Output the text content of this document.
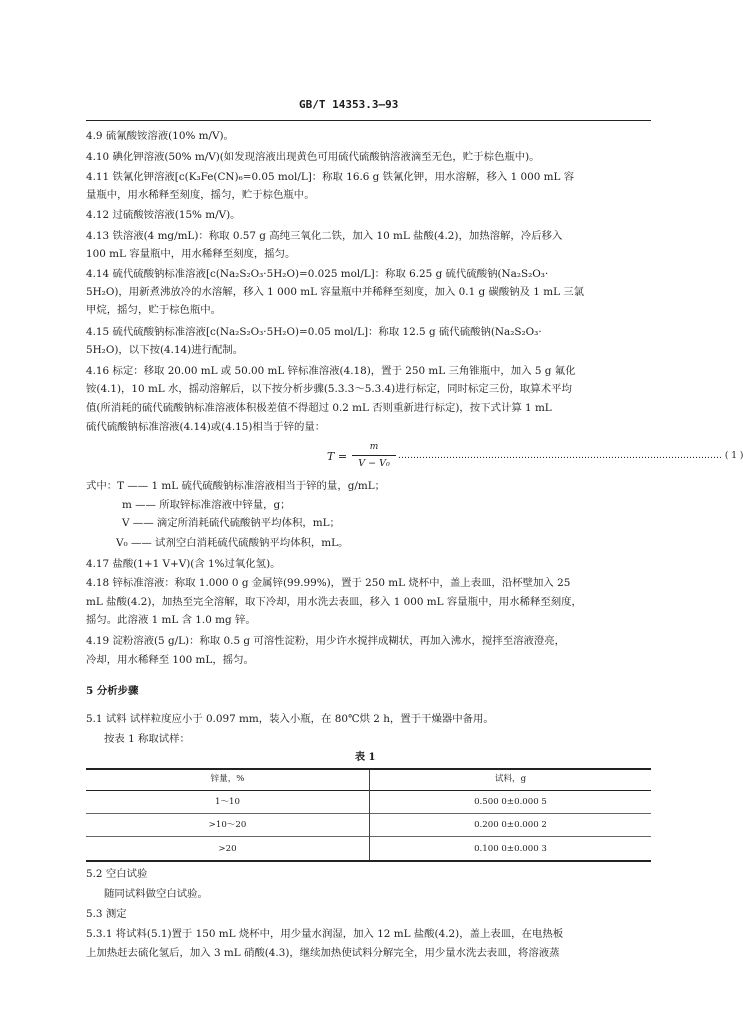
GB/T 14353.3—93
4.9 硫氰酸铵溶液(10% m/V)。
4.10 碘化钾溶液(50% m/V)(如发现溶液出现黄色可用硫代硫酸钠溶液滴至无色，贮于棕色瓶中)。
4.11 铁氰化钾溶液[c(K₃Fe(CN)₆=0.05 mol/L]：称取 16.6 g 铁氰化钾，用水溶解，移入 1 000 mL 容
量瓶中，用水稀释至刻度，摇匀，贮于棕色瓶中。
4.12 过硫酸铵溶液(15% m/V)。
4.13 铁溶液(4 mg/mL)：称取 0.57 g 高纯三氧化二铁，加入 10 mL 盐酸(4.2)，加热溶解，冷后移入
100 mL 容量瓶中，用水稀释至刻度，摇匀。
4.14 硫代硫酸钠标准溶液[c(Na₂S₂O₃·5H₂O)=0.025 mol/L]：称取 6.25 g 硫代硫酸钠(Na₂S₂O₃·
5H₂O)，用新煮沸放冷的水溶解，移入 1 000 mL 容量瓶中并稀释至刻度，加入 0.1 g 碳酸钠及 1 mL 三氯
甲烷，摇匀，贮于棕色瓶中。
4.15 硫代硫酸钠标准溶液[c(Na₂S₂O₃·5H₂O)=0.05 mol/L]：称取 12.5 g 硫代硫酸钠(Na₂S₂O₃·
5H₂O)，以下按(4.14)进行配制。
4.16 标定：移取 20.00 mL 或 50.00 mL 锌标准溶液(4.18)，置于 250 mL 三角锥瓶中，加入 5 g 氟化
铵(4.1)，10 mL 水，摇动溶解后，以下按分析步骤(5.3.3～5.3.4)进行标定，同时标定三份，取算术平均
值(所消耗的硫代硫酸钠标准溶液体积极差值不得超过 0.2 mL 否则重新进行标定)，按下式计算 1 mL
硫代硫酸钠标准溶液(4.14)或(4.15)相当于锌的量：
T =
m
V − V₀
……………………………………………………………………………………………… ( 1 )
式中：T —— 1 mL 硫代硫酸钠标准溶液相当于锌的量，g/mL；
m —— 所取锌标准溶液中锌量，g；
V —— 滴定所消耗硫代硫酸钠平均体积，mL；
V₀ —— 试剂空白消耗硫代硫酸钠平均体积，mL。
4.17 盐酸(1+1 V+V)(含 1%过氧化氢)。
4.18 锌标准溶液：称取 1.000 0 g 金属锌(99.99%)，置于 250 mL 烧杯中，盖上表皿，沿杯壁加入 25
mL 盐酸(4.2)，加热至完全溶解，取下冷却，用水洗去表皿，移入 1 000 mL 容量瓶中，用水稀释至刻度，
摇匀。此溶液 1 mL 含 1.0 mg 锌。
4.19 淀粉溶液(5 g/L)：称取 0.5 g 可溶性淀粉，用少许水搅拌成糊状，再加入沸水，搅拌至溶液澄亮，
冷却，用水稀释至 100 mL，摇匀。
5 分析步骤
5.1 试料 试样粒度应小于 0.097 mm，装入小瓶，在 80℃烘 2 h，置于干燥器中备用。
按表 1 称取试样：
表 1
锌量，%	试料，g
1～10	0.500 0±0.000 5
>10～20	0.200 0±0.000 2
>20	0.100 0±0.000 3
5.2 空白试验
随同试料做空白试验。
5.3 测定
5.3.1 将试料(5.1)置于 150 mL 烧杯中，用少量水润湿，加入 12 mL 盐酸(4.2)，盖上表皿，在电热板
上加热赶去硫化氢后，加入 3 mL 硝酸(4.3)，继续加热使试料分解完全，用少量水洗去表皿，将溶液蒸
